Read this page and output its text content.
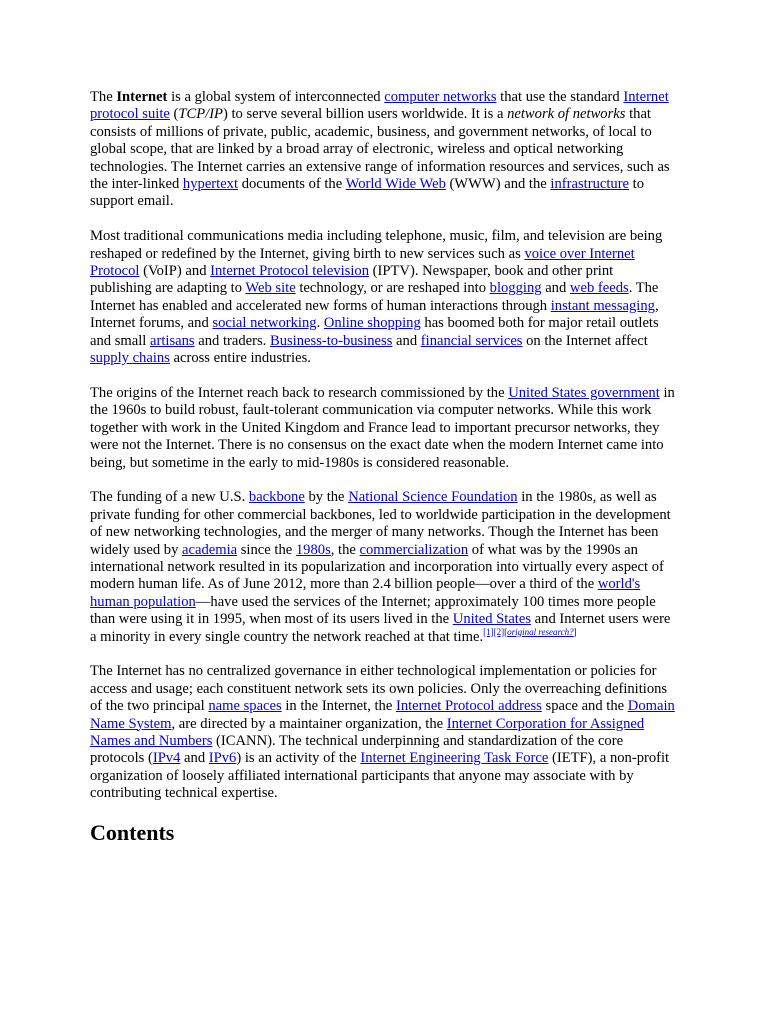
The Internet is a global system of interconnected computer networks that use the standard Internet protocol suite (TCP/IP) to serve several billion users worldwide. It is a network of networks that consists of millions of private, public, academic, business, and government networks, of local to global scope, that are linked by a broad array of electronic, wireless and optical networking technologies. The Internet carries an extensive range of information resources and services, such as the inter-linked hypertext documents of the World Wide Web (WWW) and the infrastructure to support email.

Most traditional communications media including telephone, music, film, and television are being reshaped or redefined by the Internet, giving birth to new services such as voice over Internet Protocol (VoIP) and Internet Protocol television (IPTV). Newspaper, book and other print publishing are adapting to Web site technology, or are reshaped into blogging and web feeds. The Internet has enabled and accelerated new forms of human interactions through instant messaging, Internet forums, and social networking. Online shopping has boomed both for major retail outlets and small artisans and traders. Business-to-business and financial services on the Internet affect supply chains across entire industries.

The origins of the Internet reach back to research commissioned by the United States government in the 1960s to build robust, fault-tolerant communication via computer networks. While this work together with work in the United Kingdom and France lead to important precursor networks, they were not the Internet. There is no consensus on the exact date when the modern Internet came into being, but sometime in the early to mid-1980s is considered reasonable.

The funding of a new U.S. backbone by the National Science Foundation in the 1980s, as well as private funding for other commercial backbones, led to worldwide participation in the development of new networking technologies, and the merger of many networks. Though the Internet has been widely used by academia since the 1980s, the commercialization of what was by the 1990s an international network resulted in its popularization and incorporation into virtually every aspect of modern human life. As of June 2012, more than 2.4 billion people—over a third of the world's human population—have used the services of the Internet; approximately 100 times more people than were using it in 1995, when most of its users lived in the United States and Internet users were a minority in every single country the network reached at that time.[1][2][original research?]

The Internet has no centralized governance in either technological implementation or policies for access and usage; each constituent network sets its own policies. Only the overreaching definitions of the two principal name spaces in the Internet, the Internet Protocol address space and the Domain Name System, are directed by a maintainer organization, the Internet Corporation for Assigned Names and Numbers (ICANN). The technical underpinning and standardization of the core protocols (IPv4 and IPv6) is an activity of the Internet Engineering Task Force (IETF), a non-profit organization of loosely affiliated international participants that anyone may associate with by contributing technical expertise.

Contents
